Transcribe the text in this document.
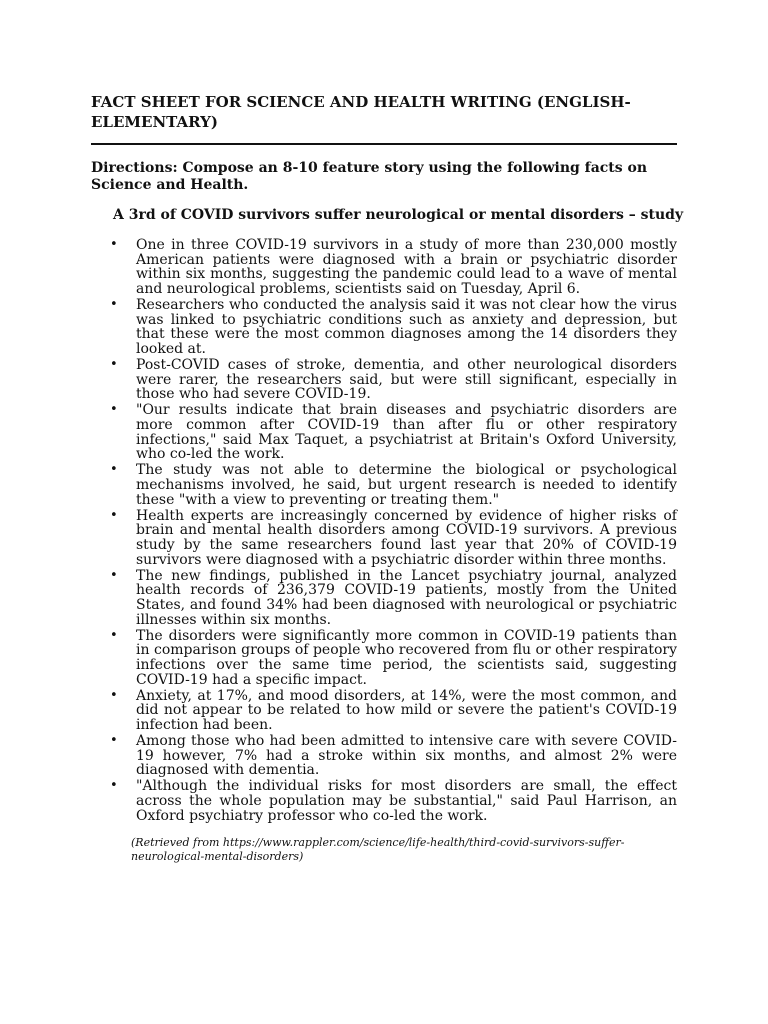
FACT SHEET FOR SCIENCE AND HEALTH WRITING (ENGLISH-ELEMENTARY)

Directions: Compose an 8-10 feature story using the following facts on Science and Health.

A 3rd of COVID survivors suffer neurological or mental disorders – study
• One in three COVID-19 survivors in a study of more than 230,000 mostly American patients were diagnosed with a brain or psychiatric disorder within six months, suggesting the pandemic could lead to a wave of mental and neurological problems, scientists said on Tuesday, April 6.
• Researchers who conducted the analysis said it was not clear how the virus was linked to psychiatric conditions such as anxiety and depression, but that these were the most common diagnoses among the 14 disorders they looked at.
• Post-COVID cases of stroke, dementia, and other neurological disorders were rarer, the researchers said, but were still significant, especially in those who had severe COVID-19.
• "Our results indicate that brain diseases and psychiatric disorders are more common after COVID-19 than after flu or other respiratory infections," said Max Taquet, a psychiatrist at Britain's Oxford University, who co-led the work.
• The study was not able to determine the biological or psychological mechanisms involved, he said, but urgent research is needed to identify these "with a view to preventing or treating them."
• Health experts are increasingly concerned by evidence of higher risks of brain and mental health disorders among COVID-19 survivors. A previous study by the same researchers found last year that 20% of COVID-19 survivors were diagnosed with a psychiatric disorder within three months.
• The new findings, published in the Lancet psychiatry journal, analyzed health records of 236,379 COVID-19 patients, mostly from the United States, and found 34% had been diagnosed with neurological or psychiatric illnesses within six months.
• The disorders were significantly more common in COVID-19 patients than in comparison groups of people who recovered from flu or other respiratory infections over the same time period, the scientists said, suggesting COVID-19 had a specific impact.
• Anxiety, at 17%, and mood disorders, at 14%, were the most common, and did not appear to be related to how mild or severe the patient's COVID-19 infection had been.
• Among those who had been admitted to intensive care with severe COVID-19 however, 7% had a stroke within six months, and almost 2% were diagnosed with dementia.
• "Although the individual risks for most disorders are small, the effect across the whole population may be substantial," said Paul Harrison, an Oxford psychiatry professor who co-led the work.

(Retrieved from https://www.rappler.com/science/life-health/third-covid-survivors-suffer-
neurological-mental-disorders)
